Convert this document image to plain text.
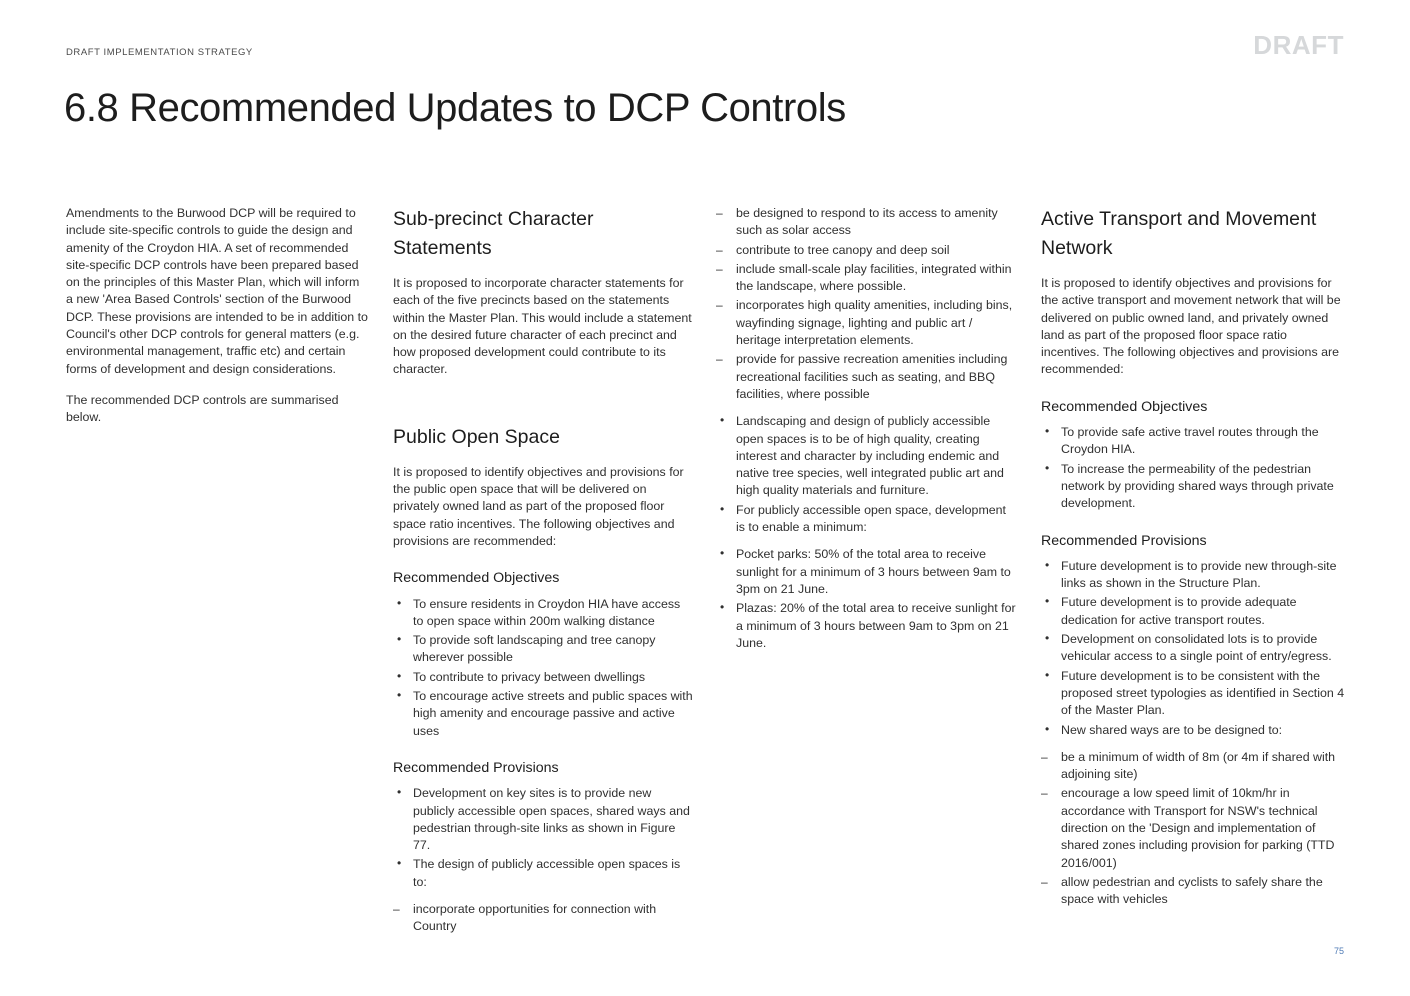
DRAFT IMPLEMENTATION STRATEGY	DRAFT
6.8 Recommended Updates to DCP Controls

Amendments to the Burwood DCP will be required to include site-specific controls to guide the design and amenity of the Croydon HIA. A set of recommended site-specific DCP controls have been prepared based on the principles of this Master Plan, which will inform a new 'Area Based Controls' section of the Burwood DCP. These provisions are intended to be in addition to Council's other DCP controls for general matters (e.g. environmental management, traffic etc) and certain forms of development and design considerations.

The recommended DCP controls are summarised below.

Sub-precinct Character Statements

It is proposed to incorporate character statements for each of the five precincts based on the statements within the Master Plan. This would include a statement on the desired future character of each precinct and how proposed development could contribute to its character.

Public Open Space

It is proposed to identify objectives and provisions for the public open space that will be delivered on privately owned land as part of the proposed floor space ratio incentives. The following objectives and provisions are recommended:

Recommended Objectives
• To ensure residents in Croydon HIA have access to open space within 200m walking distance
• To provide soft landscaping and tree canopy wherever possible
• To contribute to privacy between dwellings
• To encourage active streets and public spaces with high amenity and encourage passive and active uses
Recommended Provisions
• Development on key sites is to provide new publicly accessible open spaces, shared ways and pedestrian through-site links as shown in Figure 77.
• The design of publicly accessible open spaces is to:
– incorporate opportunities for connection with Country
– be designed to respond to its access to amenity such as solar access
– contribute to tree canopy and deep soil
– include small-scale play facilities, integrated within the landscape, where possible.
– incorporates high quality amenities, including bins, wayfinding signage, lighting and public art / heritage interpretation elements.
– provide for passive recreation amenities including recreational facilities such as seating, and BBQ facilities, where possible
• Landscaping and design of publicly accessible open spaces is to be of high quality, creating interest and character by including endemic and native tree species, well integrated public art and high quality materials and furniture.
• For publicly accessible open space, development is to enable a minimum:
• Pocket parks: 50% of the total area to receive sunlight for a minimum of 3 hours between 9am to 3pm on 21 June.
• Plazas: 20% of the total area to receive sunlight for a minimum of 3 hours between 9am to 3pm on 21 June.
Active Transport and Movement Network

It is proposed to identify objectives and provisions for the active transport and movement network that will be delivered on public owned land, and privately owned land as part of the proposed floor space ratio incentives. The following objectives and provisions are recommended:

Recommended Objectives
• To provide safe active travel routes through the Croydon HIA.
• To increase the permeability of the pedestrian network by providing shared ways through private development.
Recommended Provisions
• Future development is to provide new through-site links as shown in the Structure Plan.
• Future development is to provide adequate dedication for active transport routes.
• Development on consolidated lots is to provide vehicular access to a single point of entry/egress.
• Future development is to be consistent with the proposed street typologies as identified in Section 4 of the Master Plan.
• New shared ways are to be designed to:
– be a minimum of width of 8m (or 4m if shared with adjoining site)
– encourage a low speed limit of 10km/hr in accordance with Transport for NSW's technical direction on the 'Design and implementation of shared zones including provision for parking (TTD 2016/001)
– allow pedestrian and cyclists to safely share the space with vehicles
75
